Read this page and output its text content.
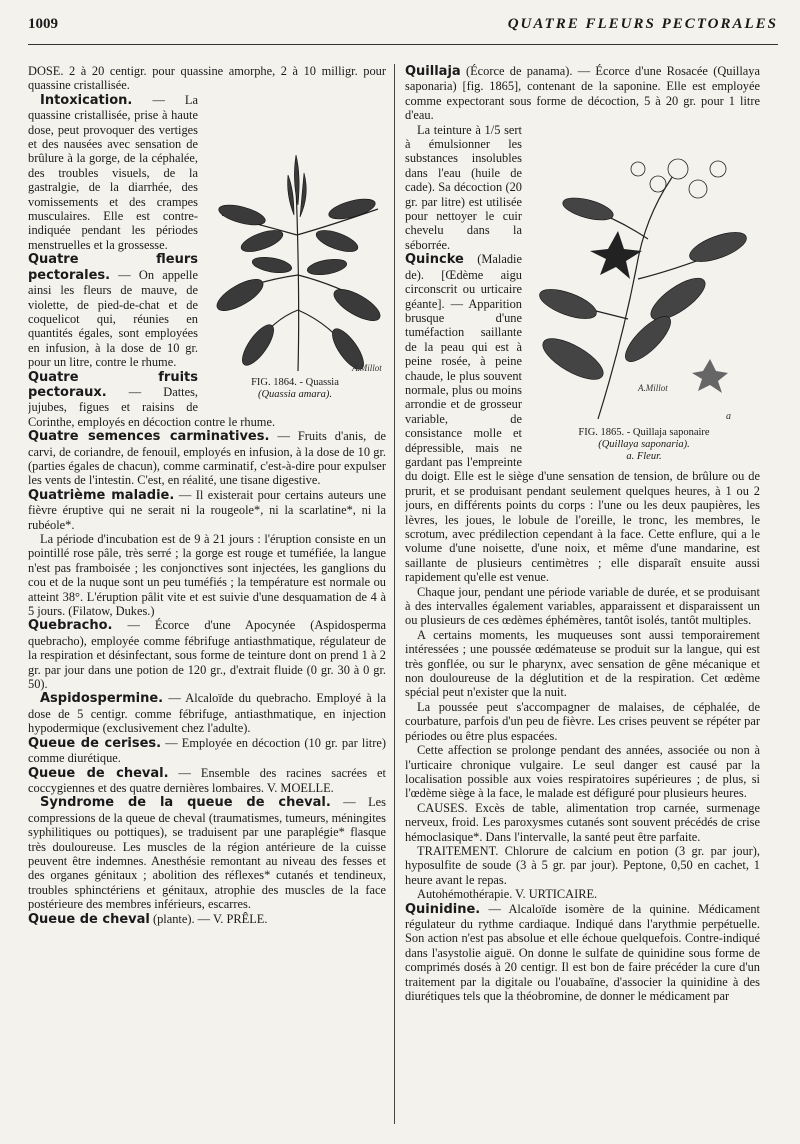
1009	QUATRE FLEURS PECTORALES

DOSE. 2 à 20 centigr. pour quassine amorphe, 2 à 10 milligr. pour quassine cristallisée.

A.Millot
FIG. 1864. - Quassia
(Quassia amara).

Intoxication. — La quassine cristallisée, prise à haute dose, peut provoquer des vertiges et des nausées avec sensation de brûlure à la gorge, de la céphalée, des troubles visuels, de la gastralgie, de la diarrhée, des vomissements et des crampes musculaires. Elle est contre-indiquée pendant les périodes menstruelles et la grossesse.

Quatre fleurs pectorales. — On appelle ainsi les fleurs de mauve, de violette, de pied-de-chat et de coquelicot qui, réunies en quantités égales, sont employées en infusion, à la dose de 10 gr. pour un litre, contre le rhume.

Quatre fruits pectoraux. — Dattes, jujubes, figues et raisins de Corinthe, employés en décoction contre le rhume.

Quatre semences carminatives. — Fruits d'anis, de carvi, de coriandre, de fenouil, employés en infusion, à la dose de 10 gr. (parties égales de chacun), comme carminatif, c'est-à-dire pour expulser les vents de l'intestin. C'est, en réalité, une tisane digestive.

Quatrième maladie. — Il existerait pour certains auteurs une fièvre éruptive qui ne serait ni la rougeole*, ni la scarlatine*, ni la rubéole*.

La période d'incubation est de 9 à 21 jours : l'éruption consiste en un pointillé rose pâle, très serré ; la gorge est rouge et tuméfiée, la langue n'est pas framboisée ; les conjonctives sont injectées, les ganglions du cou et de la nuque sont un peu tuméfiés ; la température est normale ou atteint 38°. L'éruption pâlit vite et est suivie d'une desquamation de 4 à 5 jours. (Filatow, Dukes.)

Quebracho. — Écorce d'une Apocynée (Aspidosperma quebracho), employée comme fébrifuge antiasthmatique, régulateur de la respiration et désinfectant, sous forme de teinture dont on prend 1 à 2 gr. par jour dans une potion de 120 gr., d'extrait fluide (0 gr. 30 à 0 gr. 50).

Aspidospermine. — Alcaloïde du quebracho. Employé à la dose de 5 centigr. comme fébrifuge, antiasthmatique, en injection hypodermique (exclusivement chez l'adulte).

Queue de cerises. — Employée en décoction (10 gr. par litre) comme diurétique.

Queue de cheval. — Ensemble des racines sacrées et coccygiennes et des quatre dernières lombaires. V. MOELLE.

Syndrome de la queue de cheval. — Les compressions de la queue de cheval (traumatismes, tumeurs, méningites syphilitiques ou pottiques), se traduisent par une paraplégie* flasque très douloureuse. Les muscles de la région antérieure de la cuisse peuvent être indemnes. Anesthésie remontant au niveau des fesses et des organes génitaux ; abolition des réflexes* cutanés et tendineux, troubles sphinctériens et génitaux, atrophie des muscles de la face postérieure des membres inférieurs, escarres.

Queue de cheval (plante). — V. PRÊLE.

Quillaja (Écorce de panama). — Écorce d'une Rosacée (Quillaya saponaria) [fig. 1865], contenant de la saponine. Elle est employée comme expectorant sous forme de décoction, 5 à 20 gr. pour 1 litre d'eau.

a
A.Millot
FIG. 1865. - Quillaja saponaire
(Quillaya saponaria).
a. Fleur.

La teinture à 1/5 sert à émulsionner les substances insolubles dans l'eau (huile de cade). Sa décoction (20 gr. par litre) est utilisée pour nettoyer le cuir chevelu dans la séborrée.

Quincke (Maladie de). [Œdème aigu circonscrit ou urticaire géante]. — Apparition brusque d'une tuméfaction saillante de la peau qui est à peine rosée, à peine chaude, le plus souvent normale, plus ou moins arrondie et de grosseur variable, de consistance molle et dépressible, mais ne gardant pas l'empreinte du doigt. Elle est le siège d'une sensation de tension, de brûlure ou de prurit, et se produisant pendant seulement quelques heures, à 1 ou 2 jours, en différents points du corps : l'une ou les deux paupières, les lèvres, les joues, le lobule de l'oreille, le tronc, les membres, le scrotum, avec prédilection cependant à la face. Cette enflure, qui a le volume d'une noisette, d'une noix, et même d'une mandarine, est saillante de plusieurs centimètres ; elle disparaît ensuite aussi rapidement qu'elle est venue.

Chaque jour, pendant une période variable de durée, et se produisant à des intervalles également variables, apparaissent et disparaissent un ou plusieurs de ces œdèmes éphémères, tantôt isolés, tantôt multiples.

A certains moments, les muqueuses sont aussi temporairement intéressées ; une poussée œdémateuse se produit sur la langue, qui est très gonflée, ou sur le pharynx, avec sensation de gêne mécanique et non douloureuse de la déglutition et de la respiration. Cet œdème spécial peut n'exister que la nuit.

La poussée peut s'accompagner de malaises, de céphalée, de courbature, parfois d'un peu de fièvre. Les crises peuvent se répéter par périodes ou être plus espacées.

Cette affection se prolonge pendant des années, associée ou non à l'urticaire chronique vulgaire. Le seul danger est causé par la localisation possible aux voies respiratoires supérieures ; de plus, si l'œdème siège à la face, le malade est défiguré pour plusieurs heures.

CAUSES. Excès de table, alimentation trop carnée, surmenage nerveux, froid. Les paroxysmes cutanés sont souvent précédés de crise hémoclasique*. Dans l'intervalle, la santé peut être parfaite.

TRAITEMENT. Chlorure de calcium en potion (3 gr. par jour), hyposulfite de soude (3 à 5 gr. par jour). Peptone, 0,50 en cachet, 1 heure avant le repas.

Autohémothérapie. V. URTICAIRE.

Quinidine. — Alcaloïde isomère de la quinine. Médicament régulateur du rythme cardiaque. Indiqué dans l'arythmie perpétuelle. Son action n'est pas absolue et elle échoue quelquefois. Contre-indiqué dans l'asystolie aiguë. On donne le sulfate de quinidine sous forme de comprimés dosés à 20 centigr. Il est bon de faire précéder la cure d'un traitement par la digitale ou l'ouabaïne, d'associer la quinidine à des diurétiques tels que la théobromine, de donner le médicament par
